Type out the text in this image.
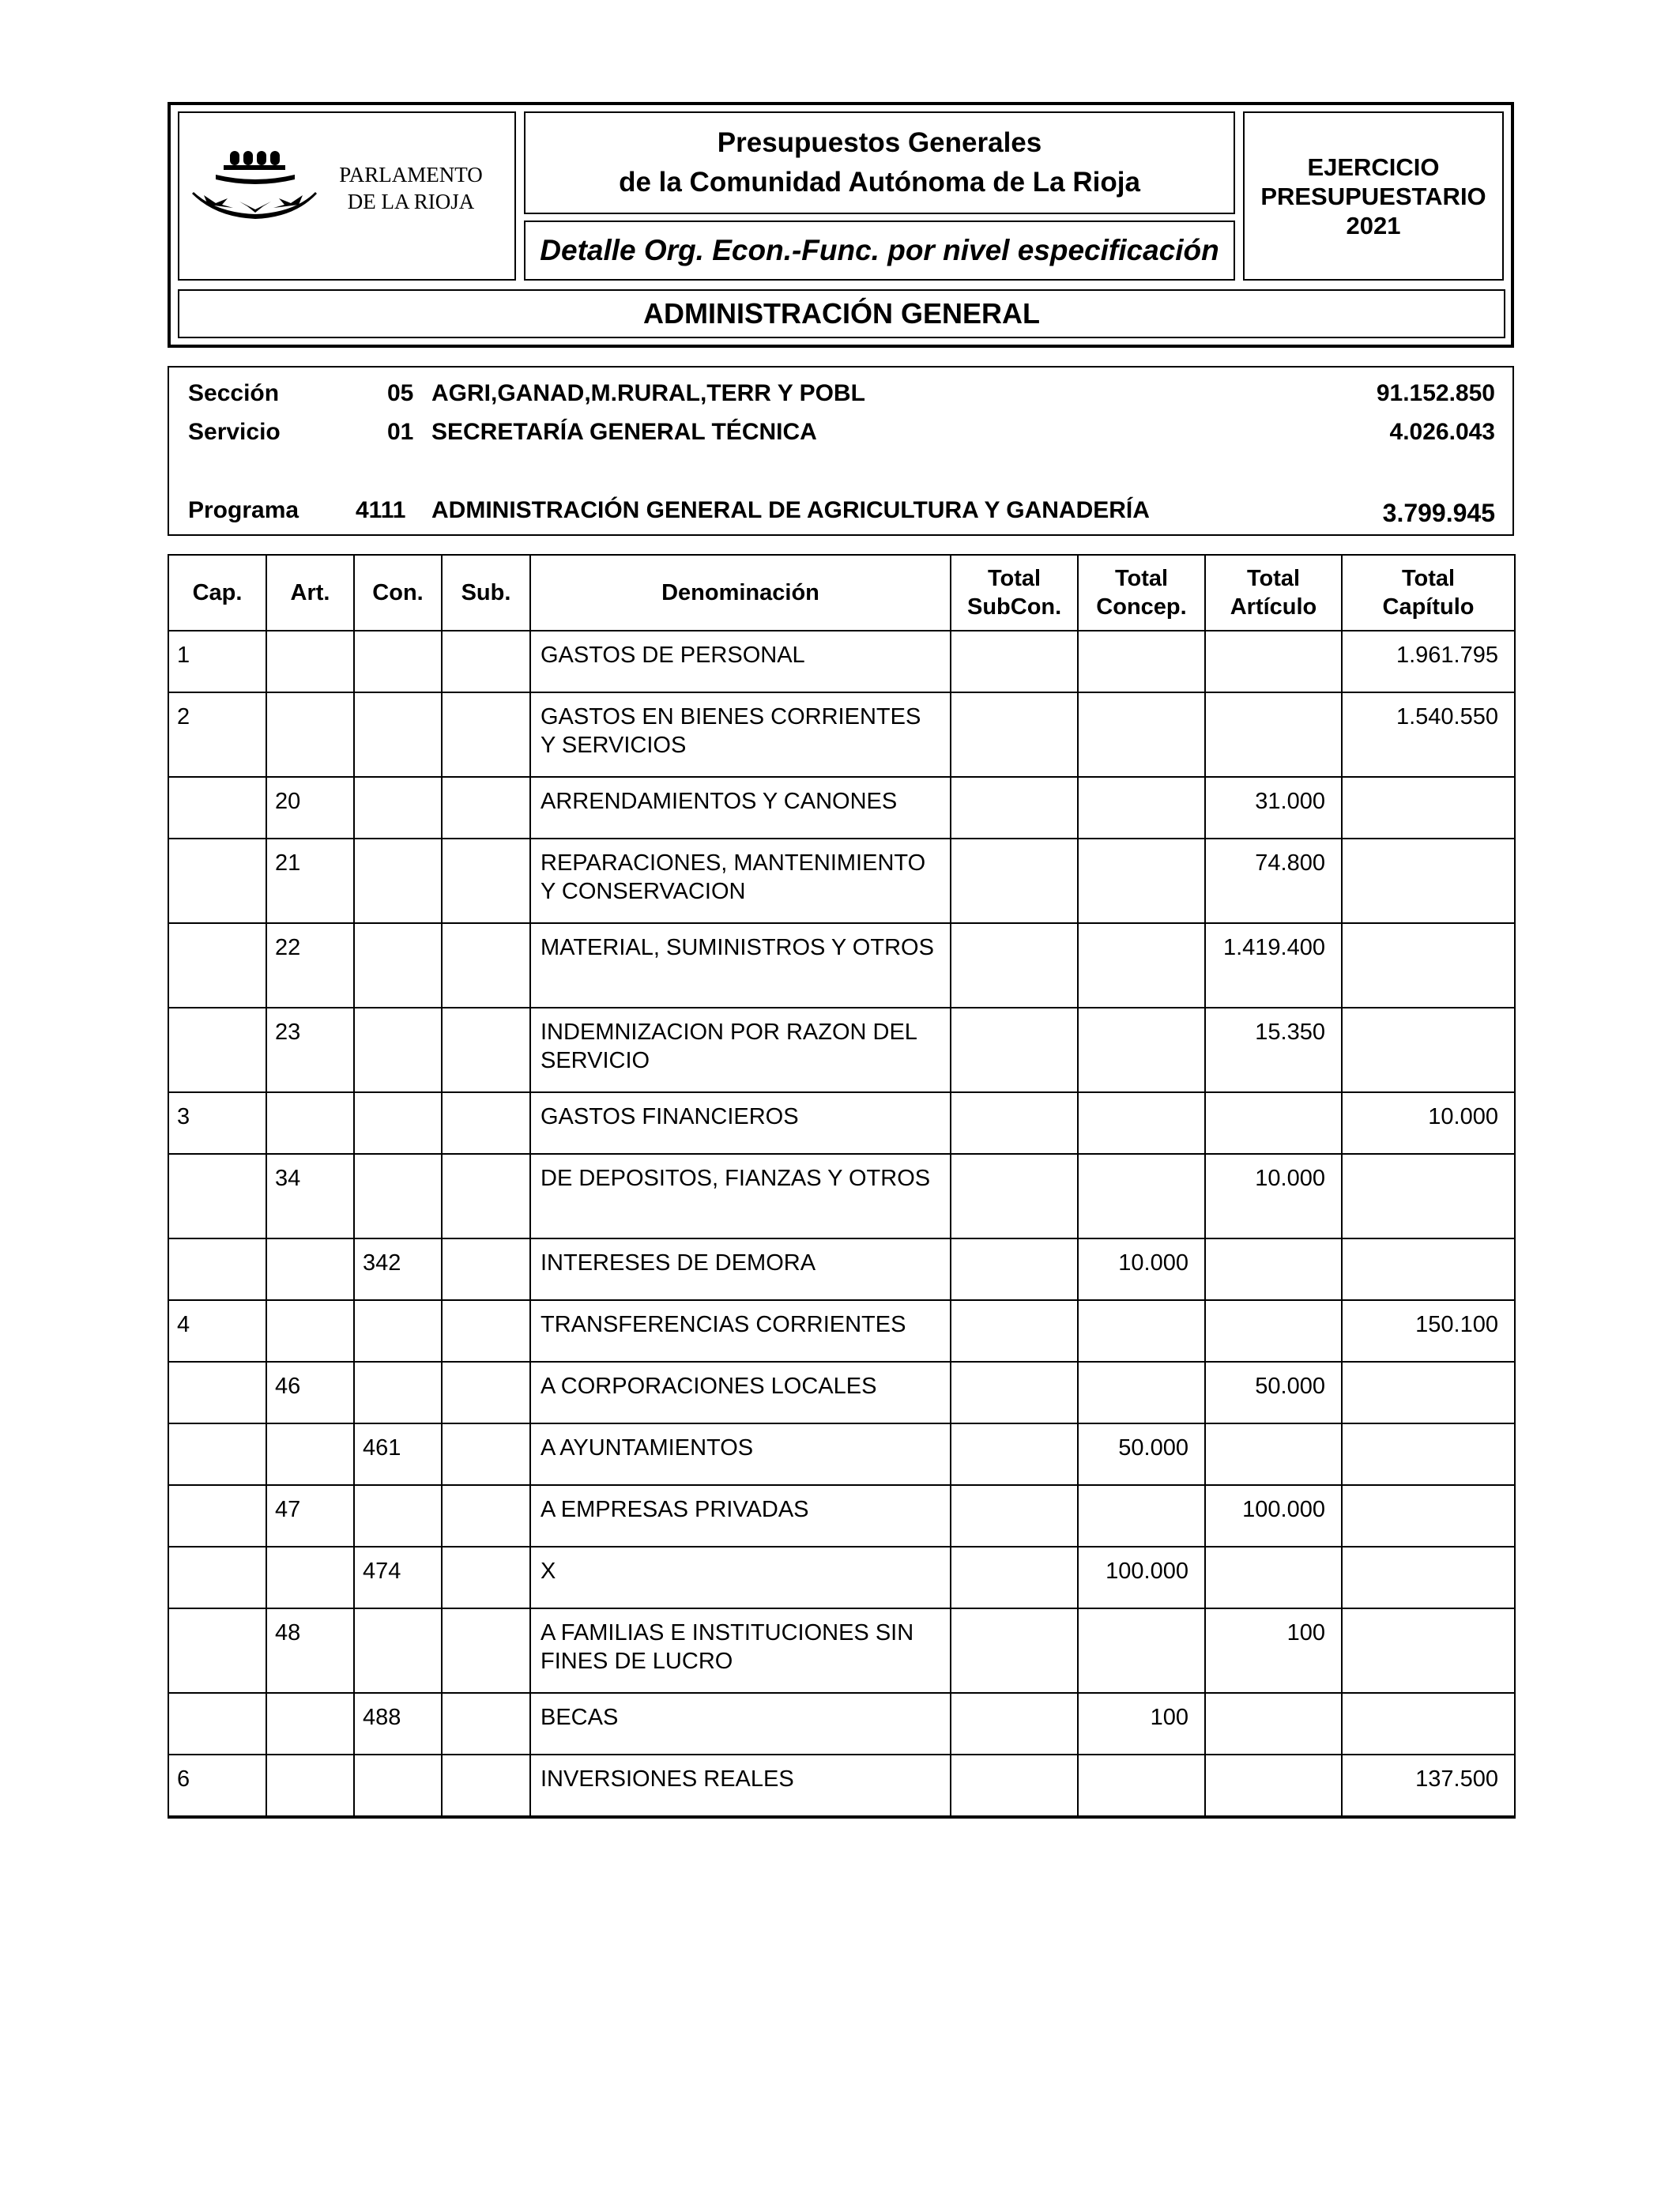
PARLAMENTO
DE LA RIOJA
Presupuestos Generales
de la Comunidad Autónoma de La Rioja
Detalle Org. Econ.-Func. por nivel especificación
EJERCICIO
PRESUPUESTARIO
2021
ADMINISTRACIÓN GENERAL
Sección	05 AGRI,GANAD,M.RURAL,TERR Y POBL	91.152.850
Servicio	01 SECRETARÍA GENERAL TÉCNICA	4.026.043
Programa 4111 ADMINISTRACIÓN GENERAL DE AGRICULTURA Y GANADERÍA	3.799.945
Cap.	Art.	Con.	Sub.	Denominación	Total SubCon.	Total Concep.	Total Artículo	Total Capítulo
1				GASTOS DE PERSONAL				1.961.795
2				GASTOS EN BIENES CORRIENTES Y SERVICIOS				1.540.550
	20			ARRENDAMIENTOS Y CANONES			31.000	
	21			REPARACIONES, MANTENIMIENTO Y CONSERVACION			74.800	
	22			MATERIAL, SUMINISTROS Y OTROS			1.419.400	
	23			INDEMNIZACION POR RAZON DEL SERVICIO			15.350	
3				GASTOS FINANCIEROS				10.000
	34			DE DEPOSITOS, FIANZAS Y OTROS			10.000	
		342		INTERESES DE DEMORA		10.000		
4				TRANSFERENCIAS CORRIENTES				150.100
	46			A CORPORACIONES LOCALES			50.000	
		461		A AYUNTAMIENTOS		50.000		
	47			A EMPRESAS PRIVADAS			100.000	
		474		X		100.000		
	48			A FAMILIAS E INSTITUCIONES SIN FINES DE LUCRO			100	
		488		BECAS		100		
6				INVERSIONES REALES				137.500
